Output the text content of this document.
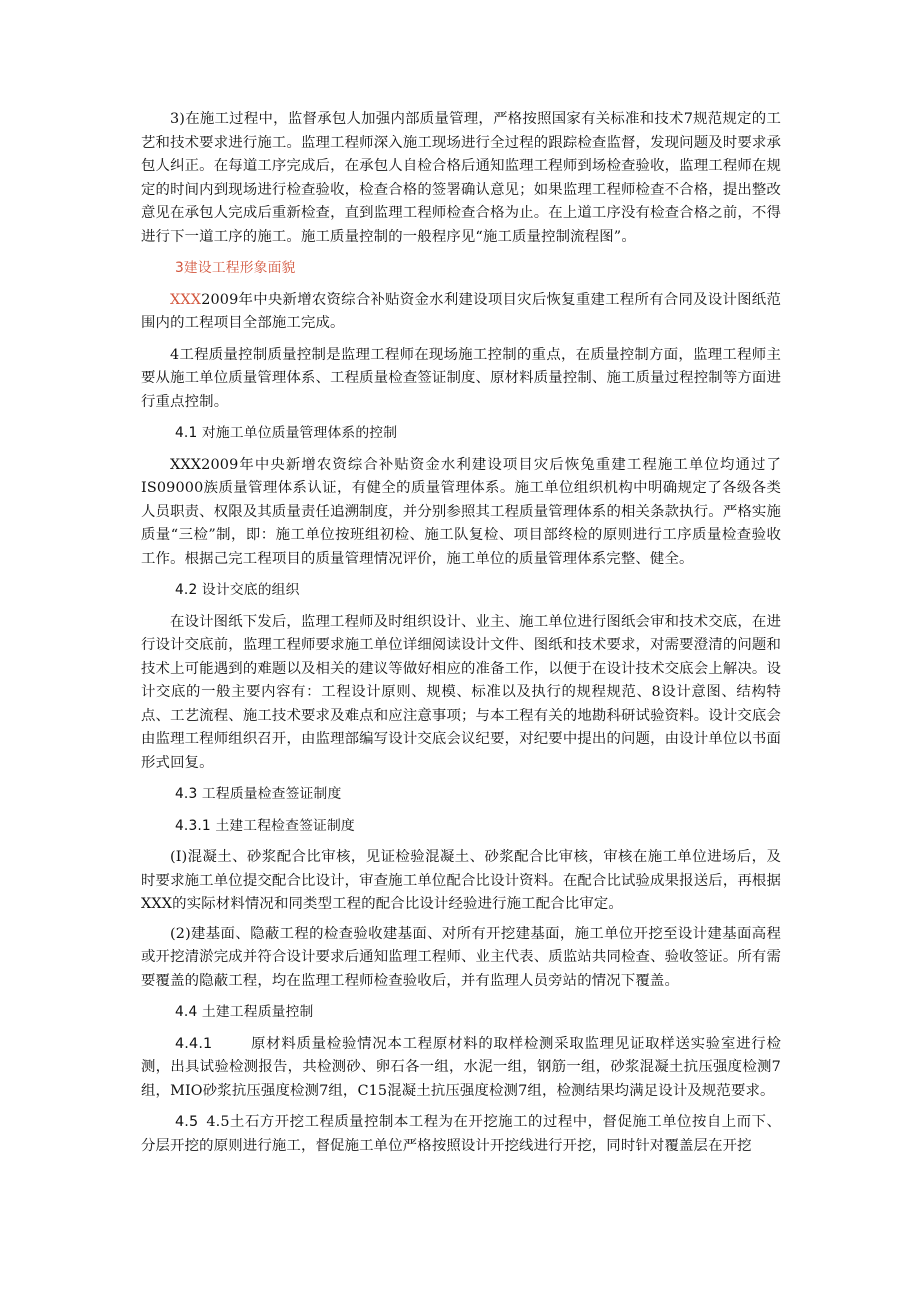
3)在施工过程中，监督承包人加强内部质量管理，严格按照国家有关标准和技术7规范规定的工艺和技术要求进行施工。监理工程师深入施工现场进行全过程的跟踪检查监督，发现问题及时要求承包人纠正。在每道工序完成后，在承包人自检合格后通知监理工程师到场检查验收，监理工程师在规定的时间内到现场进行检查验收，检查合格的签署确认意见；如果监理工程师检查不合格，提出整改意见在承包人完成后重新检查，直到监理工程师检查合格为止。在上道工序没有检查合格之前，不得进行下一道工序的施工。施工质量控制的一般程序见“施工质量控制流程图”。

3建设工程形象面貌

XXX2009年中央新增农资综合补贴资金水利建设项目灾后恢复重建工程所有合同及设计图纸范围内的工程项目全部施工完成。

4工程质量控制质量控制是监理工程师在现场施工控制的重点，在质量控制方面，监理工程师主要从施工单位质量管理体系、工程质量检查签证制度、原材料质量控制、施工质量过程控制等方面进行重点控制。

4.1 对施工单位质量管理体系的控制

XXX2009年中央新增农资综合补贴资金水利建设项目灾后恢兔重建工程施工单位均通过了IS09000族质量管理体系认证，有健全的质量管理体系。施工单位组织机构中明确规定了各级各类人员职责、权限及其质量责任追溯制度，并分别参照其工程质量管理体系的相关条款执行。严格实施质量“三检”制，即：施工单位按班组初检、施工队复检、项目部终检的原则进行工序质量检查验收工作。根据己完工程项目的质量管理情况评价，施工单位的质量管理体系完整、健全。

4.2 设计交底的组织

在设计图纸下发后，监理工程师及时组织设计、业主、施工单位进行图纸会审和技术交底，在进行设计交底前，监理工程师要求施工单位详细阅读设计文件、图纸和技术要求，对需要澄清的问题和技术上可能遇到的难题以及相关的建议等做好相应的准备工作，以便于在设计技术交底会上解决。设计交底的一般主要内容有：工程设计原则、规模、标准以及执行的规程规范、8设计意图、结构特点、工艺流程、施工技术要求及难点和应注意事项；与本工程有关的地勘科研试验资料。设计交底会由监理工程师组织召开，由监理部编写设计交底会议纪要，对纪要中提出的问题，由设计单位以书面形式回复。

4.3 工程质量检查签证制度

4.3.1 土建工程检查签证制度

(I)混凝土、砂浆配合比审核，见证检验混凝土、砂浆配合比审核，审核在施工单位进场后，及时要求施工单位提交配合比设计，审查施工单位配合比设计资料。在配合比试验成果报送后，再根据XXX的实际材料情况和同类型工程的配合比设计经验进行施工配合比审定。

(2)建基面、隐蔽工程的检查验收建基面、对所有开挖建基面，施工单位开挖至设计建基面高程或开挖清淤完成并符合设计要求后通知监理工程师、业主代表、质监站共同检查、验收签证。所有需要覆盖的隐蔽工程，均在监理工程师检查验收后，并有监理人员旁站的情况下覆盖。

4.4 土建工程质量控制

4.4.1	原材料质量检验情况本工程原材料的取样检测采取监理见证取样送实验室进行检测，出具试验检测报告，共检测砂、卵石各一组，水泥一组，钢筋一组，砂浆混凝土抗压强度检测7组，MIO砂浆抗压强度检测7组，C15混凝土抗压强度检测7组，检测结果均满足设计及规范要求。

4.5 4.5土石方开挖工程质量控制本工程为在开挖施工的过程中，督促施工单位按自上而下、分层开挖的原则进行施工，督促施工单位严格按照设计开挖线进行开挖，同时针对覆盖层在开挖
